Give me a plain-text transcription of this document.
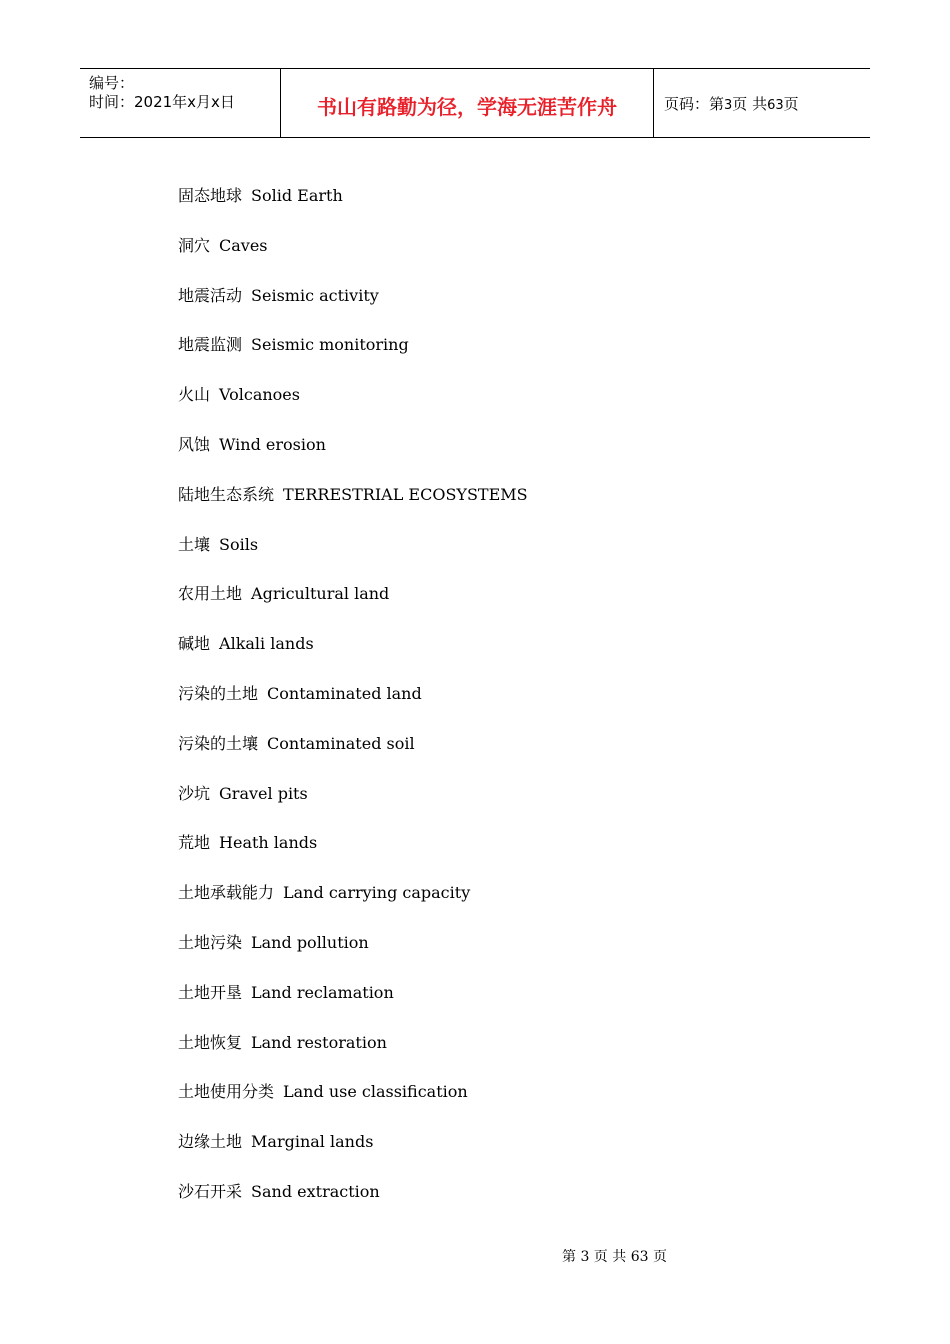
编号：
时间：2021年x月x日	书山有路勤为径，学海无涯苦作舟	页码：第3页 共63页
固态地球 Solid Earth
洞穴 Caves
地震活动 Seismic activity
地震监测 Seismic monitoring
火山 Volcanoes
风蚀 Wind erosion
陆地生态系统 TERRESTRIAL ECOSYSTEMS
土壤 Soils
农用土地 Agricultural land
碱地 Alkali lands
污染的土地 Contaminated land
污染的土壤 Contaminated soil
沙坑 Gravel pits
荒地 Heath lands
土地承载能力 Land carrying capacity
土地污染 Land pollution
土地开垦 Land reclamation
土地恢复 Land restoration
土地使用分类 Land use classification
边缘土地 Marginal lands
沙石开采 Sand extraction
第 3 页 共 63 页
